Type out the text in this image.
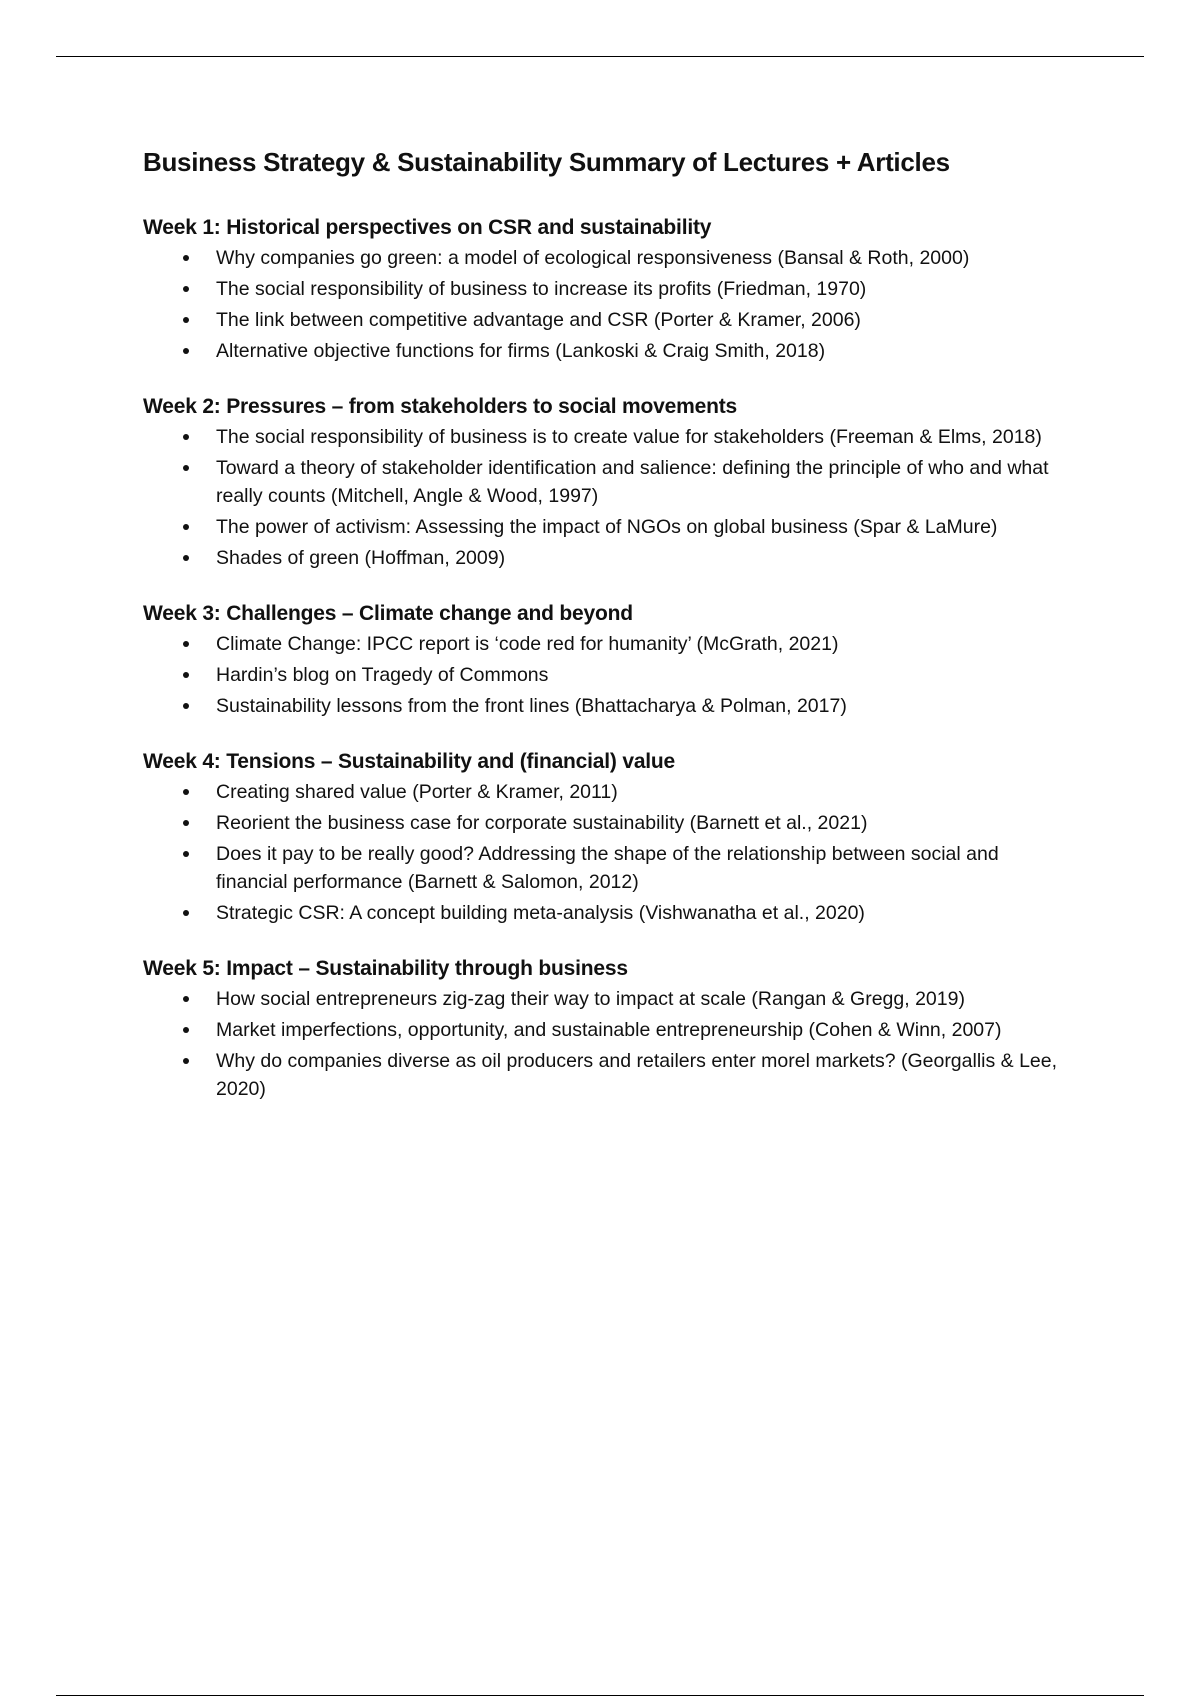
Business Strategy & Sustainability Summary of Lectures + Articles
Week 1: Historical perspectives on CSR and sustainability
Why companies go green: a model of ecological responsiveness (Bansal & Roth, 2000)
The social responsibility of business to increase its profits (Friedman, 1970)
The link between competitive advantage and CSR (Porter & Kramer, 2006)
Alternative objective functions for firms (Lankoski & Craig Smith, 2018)
Week 2: Pressures – from stakeholders to social movements
The social responsibility of business is to create value for stakeholders (Freeman & Elms, 2018)
Toward a theory of stakeholder identification and salience: defining the principle of who and what really counts (Mitchell, Angle & Wood, 1997)
The power of activism: Assessing the impact of NGOs on global business (Spar & LaMure)
Shades of green (Hoffman, 2009)
Week 3: Challenges – Climate change and beyond
Climate Change: IPCC report is ‘code red for humanity’ (McGrath, 2021)
Hardin’s blog on Tragedy of Commons
Sustainability lessons from the front lines (Bhattacharya & Polman, 2017)
Week 4: Tensions – Sustainability and (financial) value
Creating shared value (Porter & Kramer, 2011)
Reorient the business case for corporate sustainability (Barnett et al., 2021)
Does it pay to be really good? Addressing the shape of the relationship between social and financial performance (Barnett & Salomon, 2012)
Strategic CSR: A concept building meta-analysis (Vishwanatha et al., 2020)
Week 5: Impact – Sustainability through business
How social entrepreneurs zig-zag their way to impact at scale (Rangan & Gregg, 2019)
Market imperfections, opportunity, and sustainable entrepreneurship (Cohen & Winn, 2007)
Why do companies diverse as oil producers and retailers enter morel markets? (Georgallis & Lee, 2020)
